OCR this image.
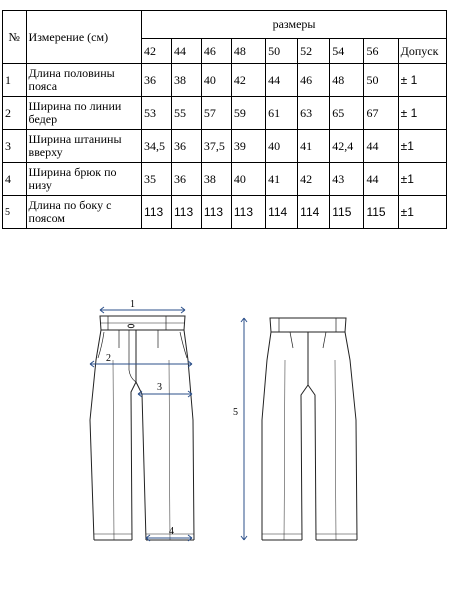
№	Измерение (см)	размеры								
		42	44	46	48	50	52	54	56	Допуск
1	Длина половины пояса	36	38	40	42	44	46	48	50	± 1
2	Ширина по линии бедер	53	55	57	59	61	63	65	67	± 1
3	Ширина штанины вверху	34,5	36	37,5	39	40	41	42,4	44	±1
4	Ширина брюк по низу	35	36	38	40	41	42	43	44	±1
5	Длина по боку с поясом	113	113	113	113	114	114	115	115	±1
1
2
3
4
5
